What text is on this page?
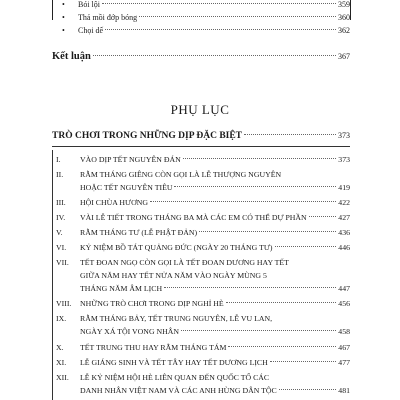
•	Bói lội	359
•	Thả mồi đớp bóng	360
•	Chọi dế	362
Kết luận	367
PHỤ LỤC
TRÒ CHƠI TRONG NHỮNG DỊP ĐẶC BIỆT	373
I.	VÀO DỊP TẾT NGUYÊN ĐÁN	373
II.	RẰM THÁNG GIÊNG CÒN GỌI LÀ LỄ THƯỢNG NGUYÊN
HOẶC TẾT NGUYÊN TIÊU	419
III.	HỘI CHÙA HƯƠNG	422
IV.	VÀI LỄ TIẾT TRONG THÁNG BA MÀ CÁC EM CÓ THỂ DỰ PHẦN	427
V.	RẰM THÁNG TƯ (LỄ PHẬT ĐẢN)	436
VI.	KỶ NIỆM BỒ TÁT QUẢNG ĐỨC (NGÀY 20 THÁNG TƯ)	446
VII.	TẾT ĐOAN NGỌ CÒN GỌI LÀ TẾT ĐOAN DƯƠNG HAY TẾT
GIỮA NĂM HAY TẾT NỬA NĂM VÀO NGÀY MÙNG 5
THÁNG NĂM ÂM LỊCH	447
VIII.	NHỮNG TRÒ CHƠI TRONG DỊP NGHỈ HÈ	456
IX.	RẰM THÁNG BẢY, TẾT TRUNG NGUYÊN, LỄ VU LAN,
NGÀY XÁ TỘI VONG NHÂN	458
X.	TẾT TRUNG THU HAY RẰM THÁNG TÁM	467
XI.	LỄ GIÁNG SINH VÀ TẾT TÂY HAY TẾT DƯƠNG LỊCH	477
XII.	LỄ KỶ NIỆM HỘI HÈ LIÊN QUAN ĐẾN QUỐC TỔ CÁC
DANH NHÂN VIỆT NAM VÀ CÁC ANH HÙNG DÂN TỘC	481
